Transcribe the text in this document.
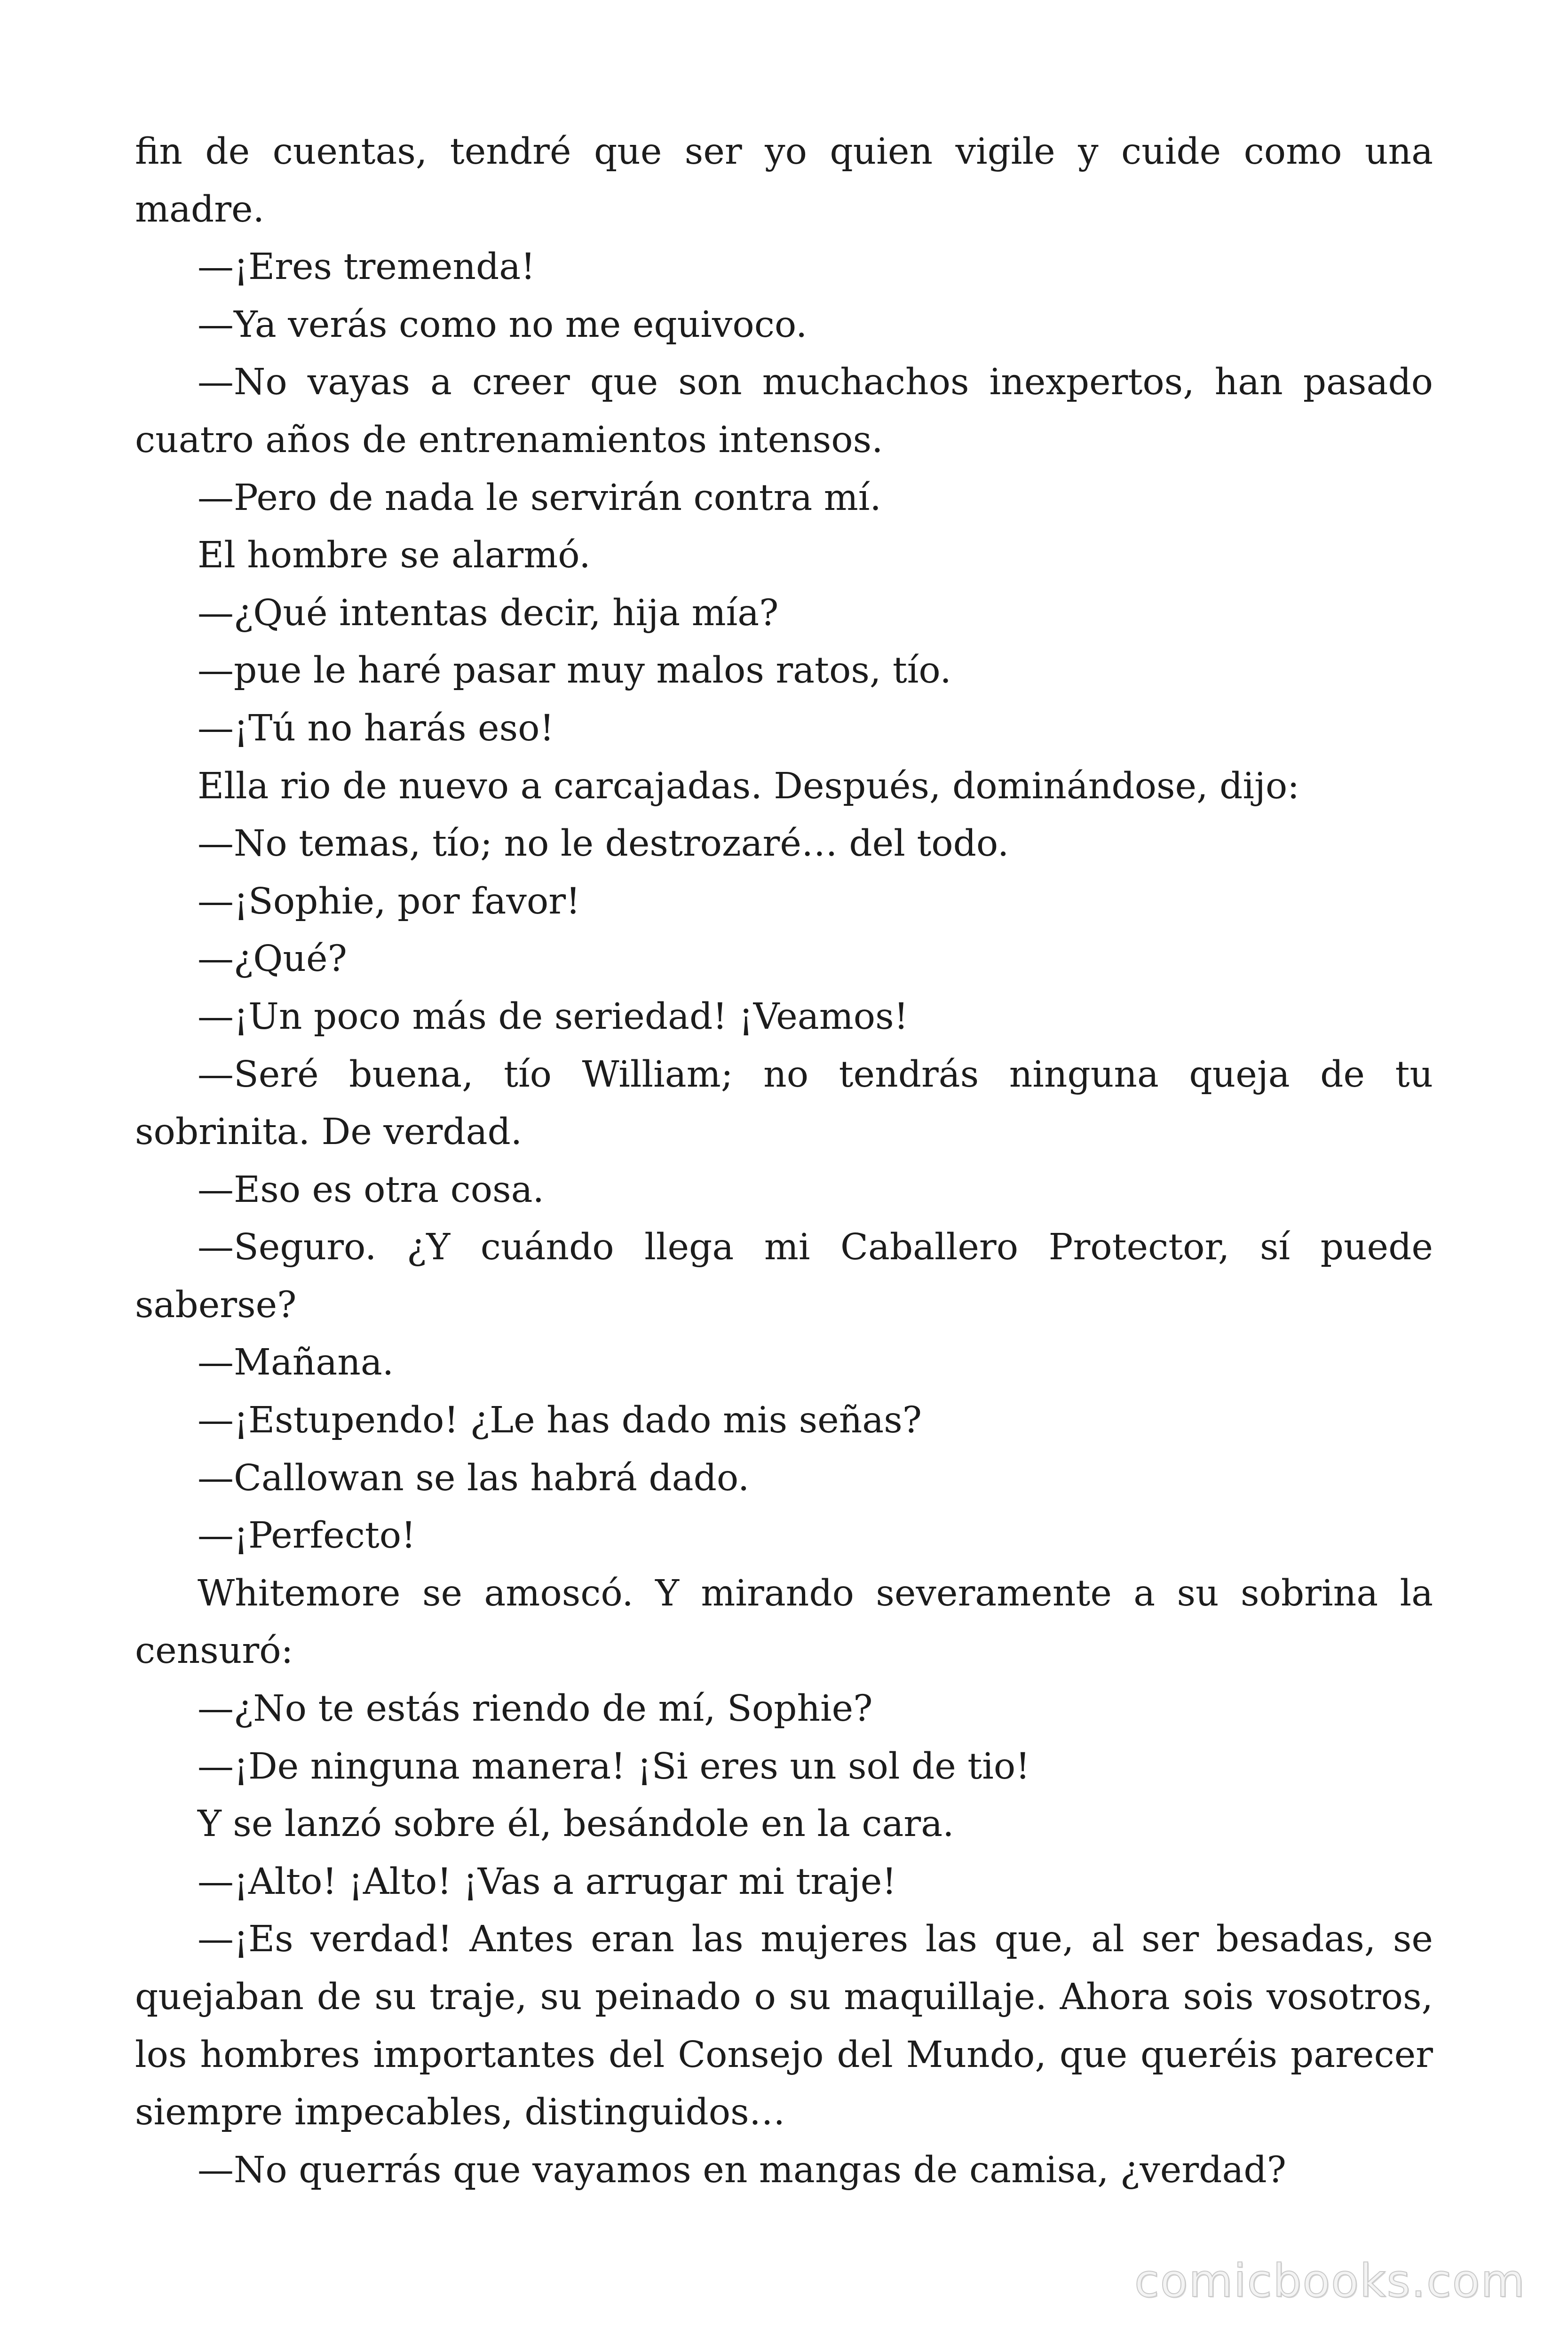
fin de cuentas, tendré que ser yo quien vigile y cuide como una madre.

—¡Eres tremenda!

—Ya verás como no me equivoco.

—No vayas a creer que son muchachos inexpertos, han pasado cuatro años de entrenamientos intensos.

—Pero de nada le servirán contra mí.

El hombre se alarmó.

—¿Qué intentas decir, hija mía?

—pue le haré pasar muy malos ratos, tío.

—¡Tú no harás eso!

Ella rio de nuevo a carcajadas. Después, dominándose, dijo:

—No temas, tío; no le destrozaré… del todo.

—¡Sophie, por favor!

—¿Qué?

—¡Un poco más de seriedad! ¡Veamos!

—Seré buena, tío William; no tendrás ninguna queja de tu sobrinita. De verdad.

—Eso es otra cosa.

—Seguro. ¿Y cuándo llega mi Caballero Protector, sí puede saberse?

—Mañana.

—¡Estupendo! ¿Le has dado mis señas?

—Callowan se las habrá dado.

—¡Perfecto!

Whitemore se amoscó. Y mirando severamente a su sobrina la censuró:

—¿No te estás riendo de mí, Sophie?

—¡De ninguna manera! ¡Si eres un sol de tio!

Y se lanzó sobre él, besándole en la cara.

—¡Alto! ¡Alto! ¡Vas a arrugar mi traje!

—¡Es verdad! Antes eran las mujeres las que, al ser besadas, se quejaban de su traje, su peinado o su maquillaje. Ahora sois vosotros, los hombres importantes del Consejo del Mundo, que queréis parecer siempre impecables, distinguidos…

—No querrás que vayamos en mangas de camisa, ¿verdad?

comicbooks.com
